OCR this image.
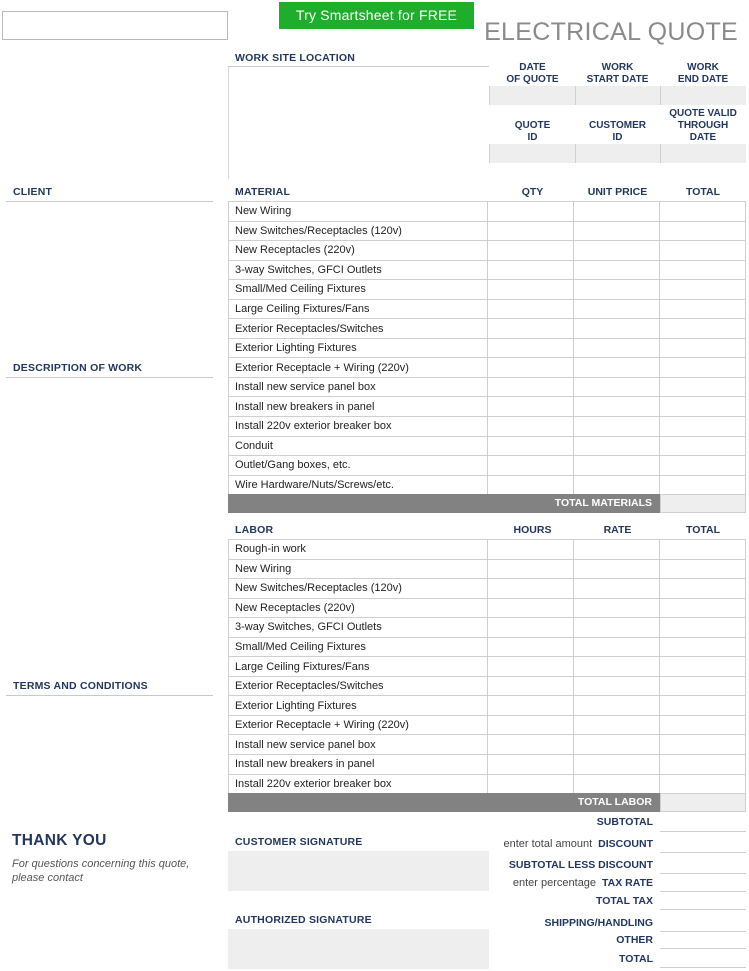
Try Smartsheet for FREE
ELECTRICAL QUOTE
WORK SITE LOCATION
DATE
OF QUOTE
WORK
START DATE
WORK
END DATE
QUOTE
ID
CUSTOMER
ID
QUOTE VALID
THROUGH
DATE
CLIENT
DESCRIPTION OF WORK
TERMS AND CONDITIONS
THANK YOU
For questions concerning this quote,
please contact
MATERIAL	QTY	UNIT PRICE	TOTAL
New Wiring			
New Switches/Receptacles (120v)			
New Receptacles (220v)			
3-way Switches, GFCI Outlets			
Small/Med Ceiling Fixtures			
Large Ceiling Fixtures/Fans			
Exterior Receptacles/Switches			
Exterior Lighting Fixtures			
Exterior Receptacle + Wiring (220v)			
Install new service panel box			
Install new breakers in panel			
Install 220v exterior breaker box			
Conduit			
Outlet/Gang boxes, etc.			
Wire Hardware/Nuts/Screws/etc.			
TOTAL MATERIALS
LABOR	HOURS	RATE	TOTAL
Rough-in work			
New Wiring			
New Switches/Receptacles (120v)			
New Receptacles (220v)			
3-way Switches, GFCI Outlets			
Small/Med Ceiling Fixtures			
Large Ceiling Fixtures/Fans			
Exterior Receptacles/Switches			
Exterior Lighting Fixtures			
Exterior Receptacle + Wiring (220v)			
Install new service panel box			
Install new breakers in panel			
Install 220v exterior breaker box			
TOTAL LABOR
SUBTOTAL
enter total amount DISCOUNT
SUBTOTAL LESS DISCOUNT
enter percentage TAX RATE
TOTAL TAX
SHIPPING/HANDLING
OTHER
TOTAL
CUSTOMER SIGNATURE
AUTHORIZED SIGNATURE
